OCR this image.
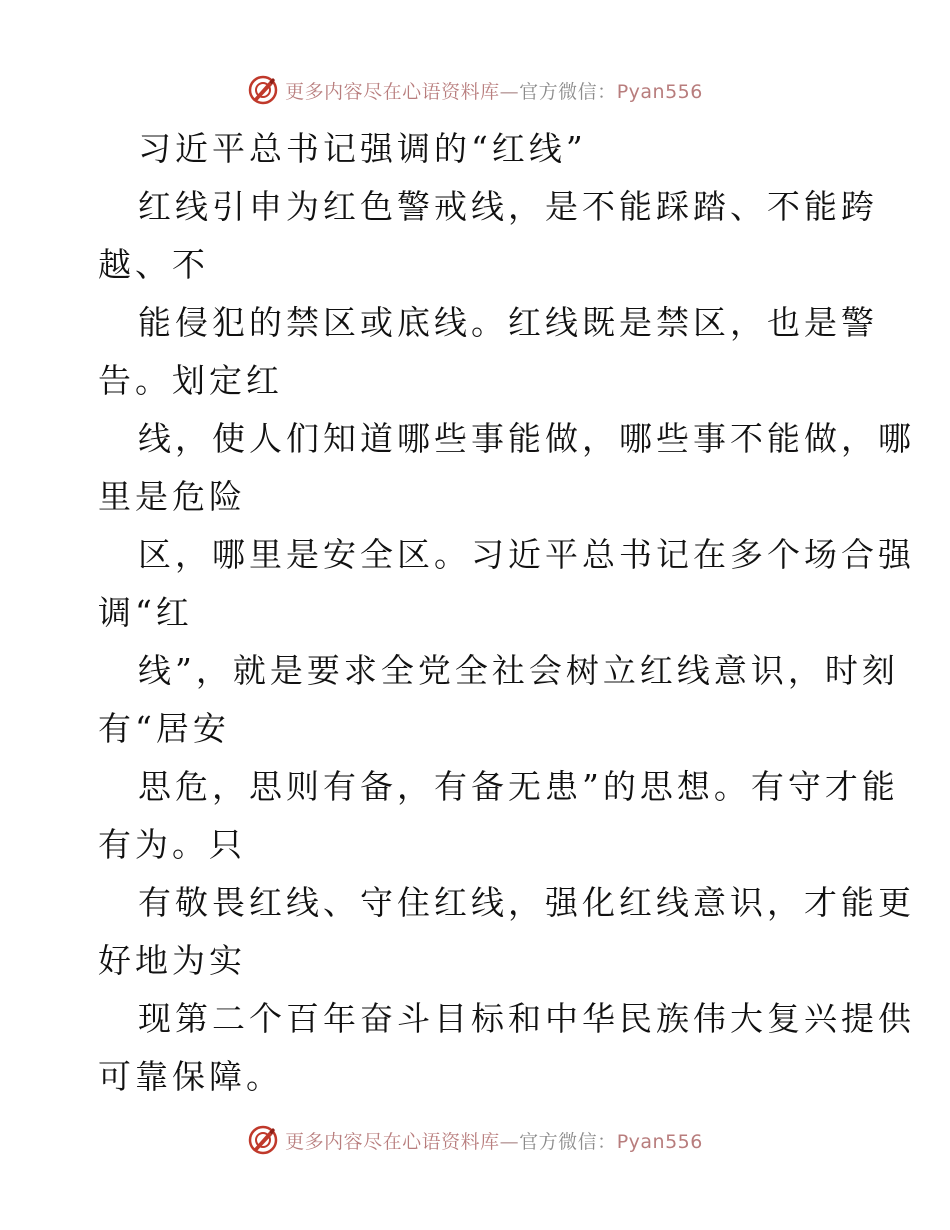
更多内容尽在心语资料库—官方微信：Pyan556
习近平总书记强调的“红线”
红线引申为红色警戒线，是不能踩踏、不能跨
越、不
能侵犯的禁区或底线。红线既是禁区，也是警
告。划定红
线，使人们知道哪些事能做，哪些事不能做，哪
里是危险
区，哪里是安全区。习近平总书记在多个场合强
调“红
线”，就是要求全党全社会树立红线意识，时刻
有“居安
思危，思则有备，有备无患”的思想。有守才能
有为。只
有敬畏红线、守住红线，强化红线意识，才能更
好地为实
现第二个百年奋斗目标和中华民族伟大复兴提供
可靠保障。
更多内容尽在心语资料库—官方微信：Pyan556
